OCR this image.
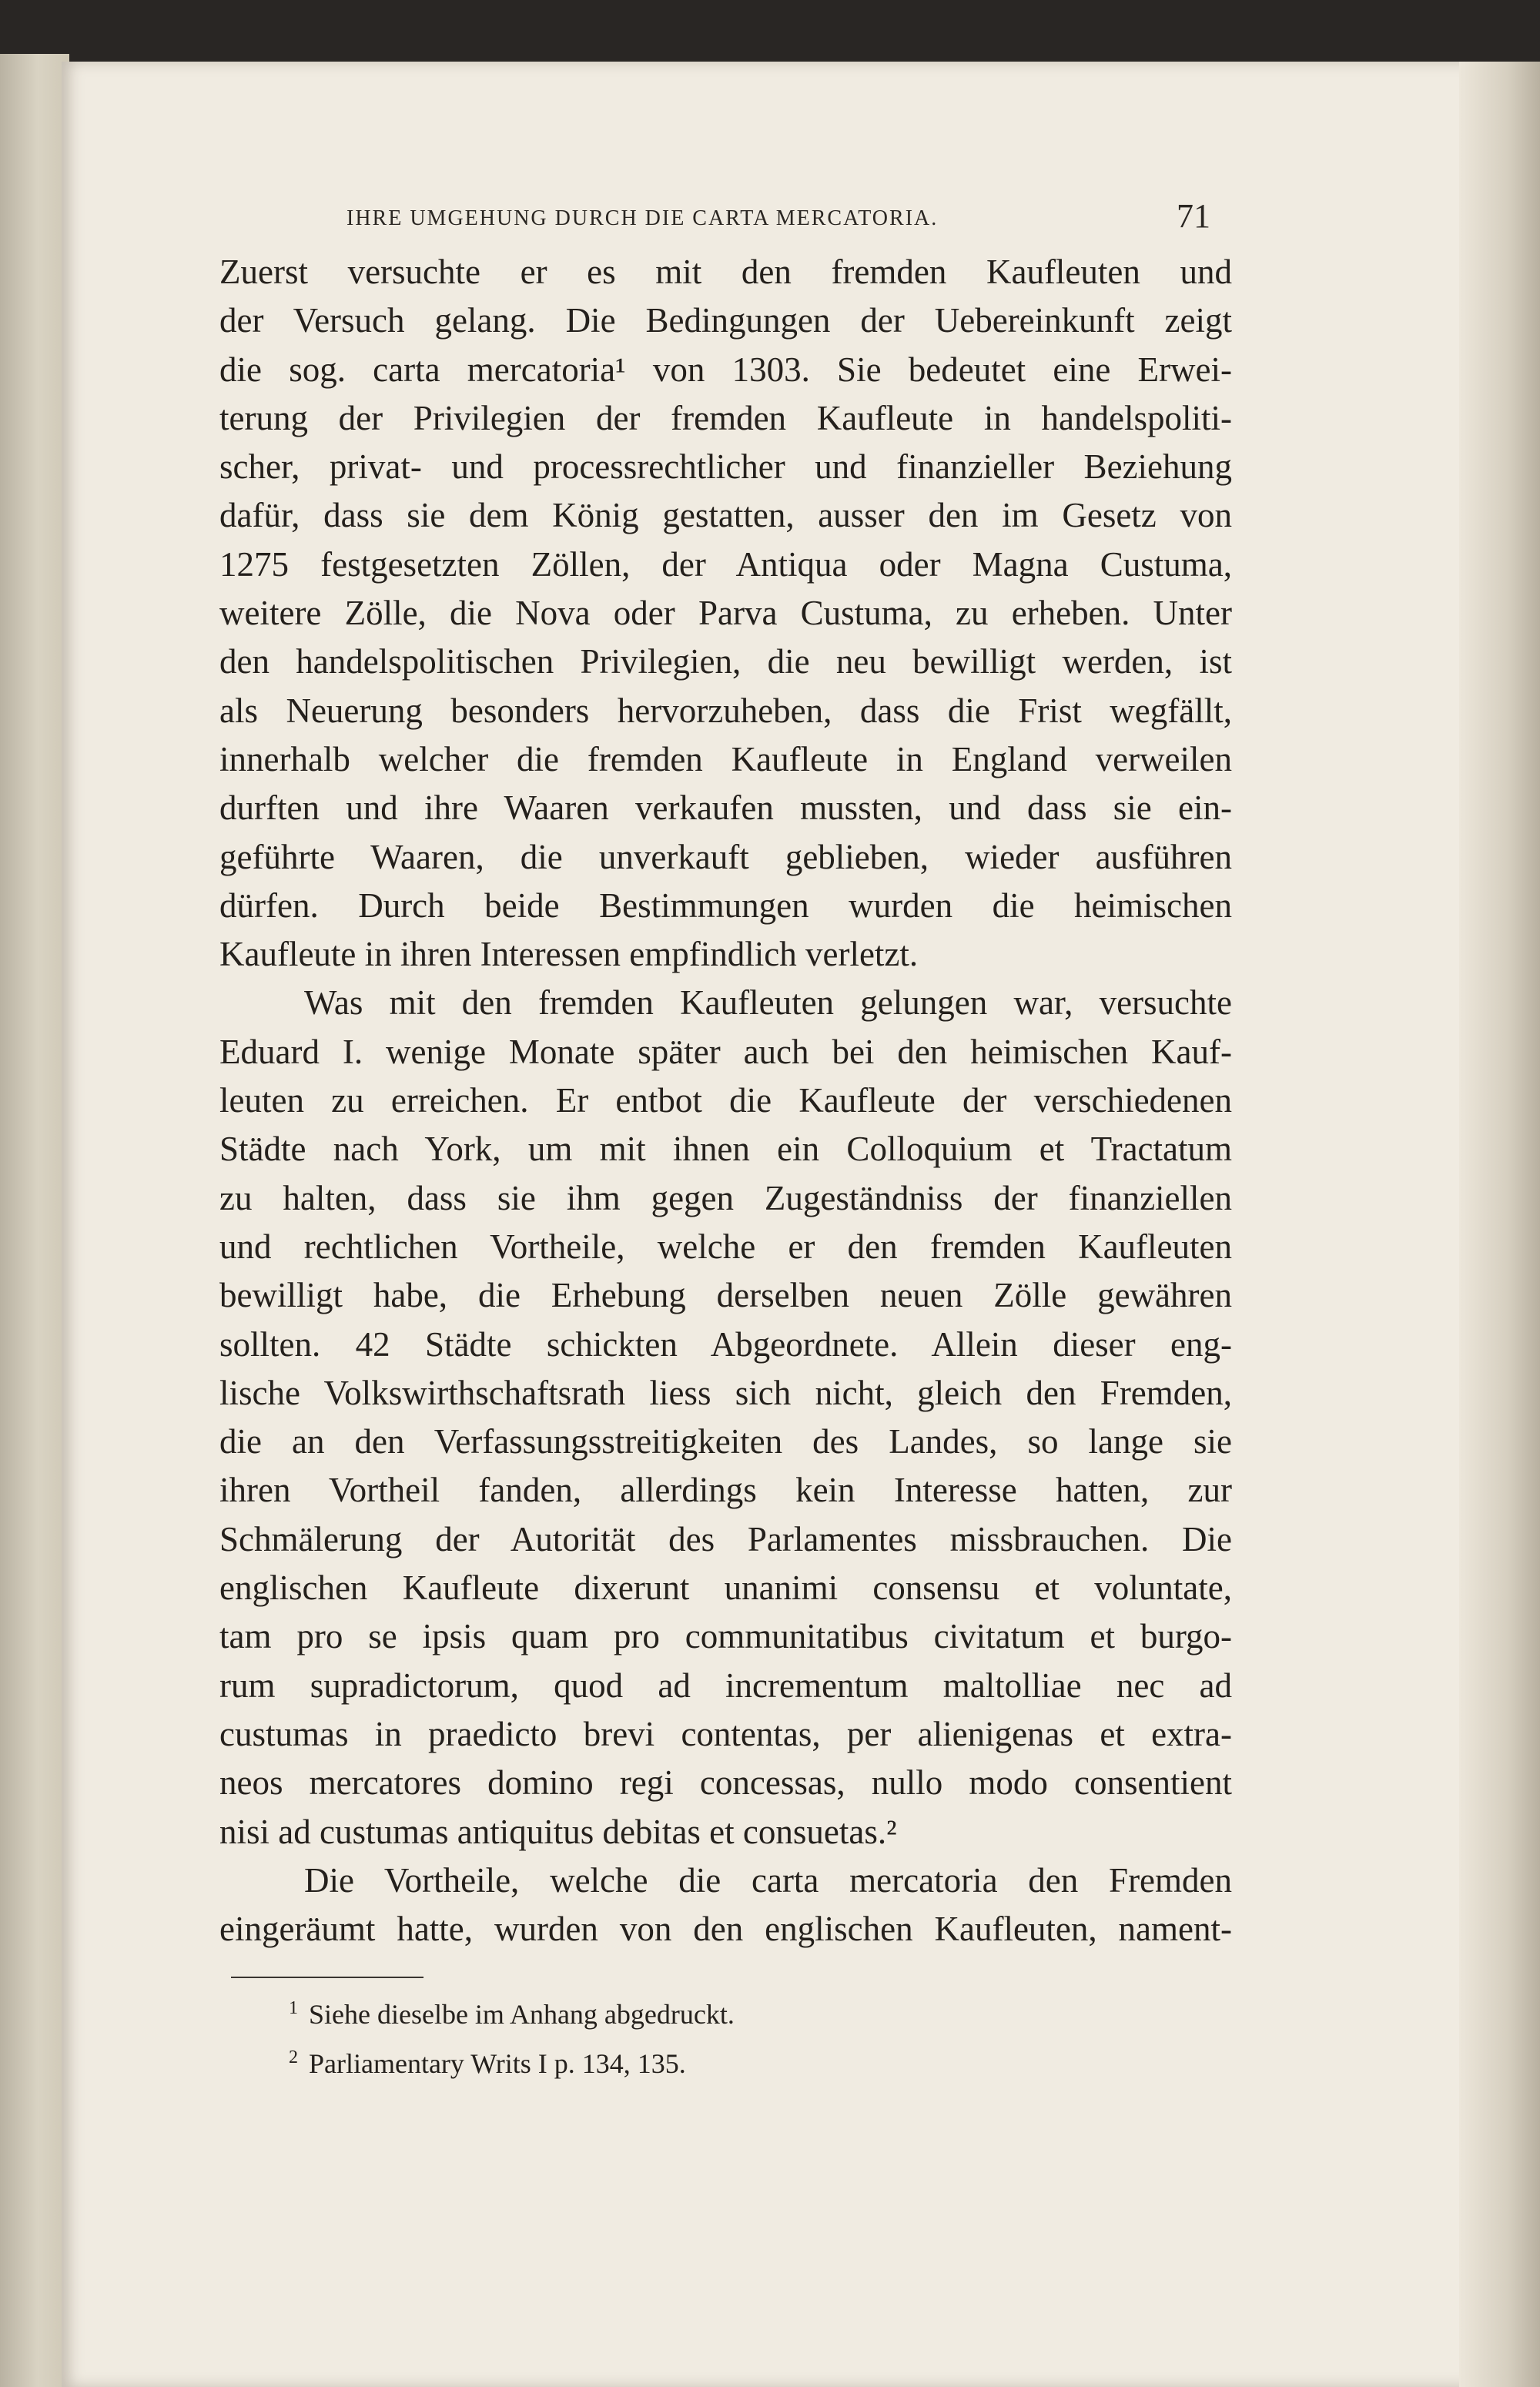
IHRE UMGEHUNG DURCH DIE CARTA MERCATORIA.	71
Zuerst versuchte er es mit den fremden Kaufleuten und
der Versuch gelang. Die Bedingungen der Uebereinkunft zeigt
die sog. carta mercatoria¹ von 1303. Sie bedeutet eine Erwei-
terung der Privilegien der fremden Kaufleute in handelspoliti-
scher, privat- und processrechtlicher und finanzieller Beziehung
dafür, dass sie dem König gestatten, ausser den im Gesetz von
1275 festgesetzten Zöllen, der Antiqua oder Magna Custuma,
weitere Zölle, die Nova oder Parva Custuma, zu erheben. Unter
den handelspolitischen Privilegien, die neu bewilligt werden, ist
als Neuerung besonders hervorzuheben, dass die Frist wegfällt,
innerhalb welcher die fremden Kaufleute in England verweilen
durften und ihre Waaren verkaufen mussten, und dass sie ein-
geführte Waaren, die unverkauft geblieben, wieder ausführen
dürfen. Durch beide Bestimmungen wurden die heimischen
Kaufleute in ihren Interessen empfindlich verletzt.
Was mit den fremden Kaufleuten gelungen war, versuchte
Eduard I. wenige Monate später auch bei den heimischen Kauf-
leuten zu erreichen. Er entbot die Kaufleute der verschiedenen
Städte nach York, um mit ihnen ein Colloquium et Tractatum
zu halten, dass sie ihm gegen Zugeständniss der finanziellen
und rechtlichen Vortheile, welche er den fremden Kaufleuten
bewilligt habe, die Erhebung derselben neuen Zölle gewähren
sollten. 42 Städte schickten Abgeordnete. Allein dieser eng-
lische Volkswirthschaftsrath liess sich nicht, gleich den Fremden,
die an den Verfassungsstreitigkeiten des Landes, so lange sie
ihren Vortheil fanden, allerdings kein Interesse hatten, zur
Schmälerung der Autorität des Parlamentes missbrauchen. Die
englischen Kaufleute dixerunt unanimi consensu et voluntate,
tam pro se ipsis quam pro communitatibus civitatum et burgo-
rum supradictorum, quod ad incrementum maltolliae nec ad
custumas in praedicto brevi contentas, per alienigenas et extra-
neos mercatores domino regi concessas, nullo modo consentient
nisi ad custumas antiquitus debitas et consuetas.²
Die Vortheile, welche die carta mercatoria den Fremden
eingeräumt hatte, wurden von den englischen Kaufleuten, nament-
$^1$ Siehe dieselbe im Anhang abgedruckt.
$^2$ Parliamentary Writs I p. 134, 135.
